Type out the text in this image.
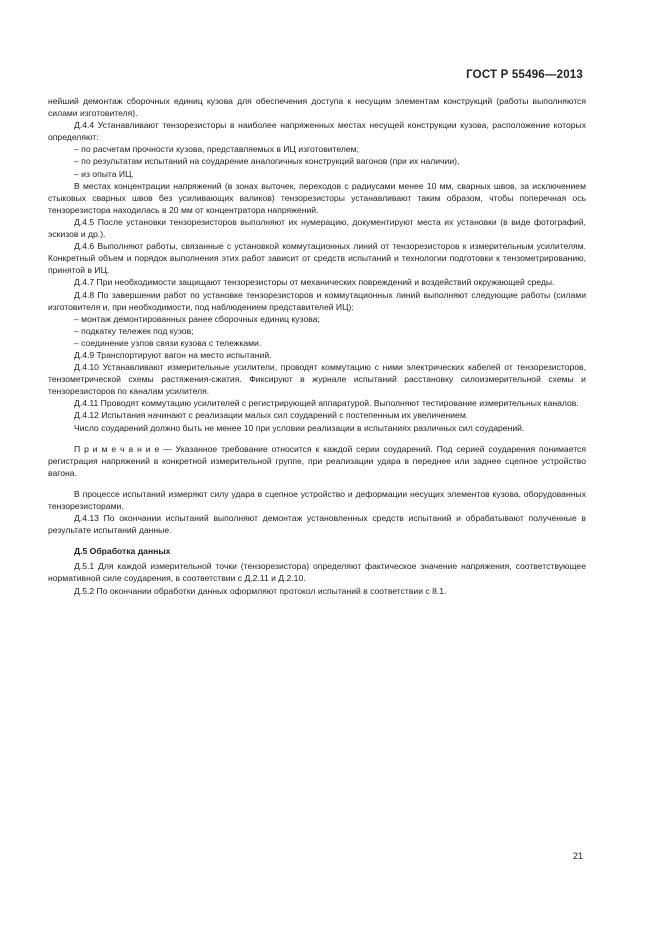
ГОСТ Р 55496—2013

нейший демонтаж сборочных единиц кузова для обеспечения доступа к несущим элементам конструкций (работы выполняются силами изготовителя).

Д.4.4 Устанавливают тензорезисторы в наиболее напряженных местах несущей конструкции кузова, расположение которых определяют:

– по расчетам прочности кузова, представляемых в ИЦ изготовителем;

– по результатам испытаний на соударение аналогичных конструкций вагонов (при их наличии),

– из опыта ИЦ.

В местах концентрации напряжений (в зонах выточек, переходов с радиусами менее 10 мм, сварных швов, за исключением стыковых сварных швов без усиливающих валиков) тензорезисторы устанавливают таким образом, чтобы поперечная ось тензорезистора находилась в 20 мм от концентратора напряжений.

Д.4.5 После установки тензорезисторов выполняют их нумерацию, документируют места их установки (в виде фотографий, эскизов и др.).

Д.4.6 Выполняют работы, связанные с установкой коммутационных линий от тензорезисторов к измерительным усилителям. Конкретный объем и порядок выполнения этих работ зависит от средств испытаний и технологии подготовки к тензометрированию, принятой в ИЦ.

Д.4.7 При необходимости защищают тензорезисторы от механических повреждений и воздействий окружающей среды.

Д.4.8 По завершении работ по установке тензорезисторов и коммутационных линий выполняют следующие работы (силами изготовителя и, при необходимости, под наблюдением представителей ИЦ):

– монтаж демонтированных ранее сборочных единиц кузова;

– подкатку тележек под кузов;

– соединение узлов связи кузова с тележками.

Д.4.9 Транспортируют вагон на место испытаний.

Д.4.10 Устанавливают измерительные усилители, проводят коммутацию с ними электрических кабелей от тензорезисторов, тензометрической схемы растяжения-сжатия. Фиксируют в журнале испытаний расстановку силоизмерительной схемы и тензорезисторов по каналам усилителя.

Д.4.11 Проводят коммутацию усилителей с регистрирующей аппаратурой. Выполняют тестирование измерительных каналов.

Д.4.12 Испытания начинают с реализации малых сил соударений с постепенным их увеличением.

Число соударений должно быть не менее 10 при условии реализации в испытаниях различных сил соударений.

П р и м е ч а н и е — Указанное требование относится к каждой серии соударений. Под серией соударения понимается регистрация напряжений в конкретной измерительной группе, при реализации удара в переднее или заднее сцепное устройство вагона.

В процессе испытаний измеряют силу удара в сцепное устройство и деформации несущих элементов кузова, оборудованных тензорезисторами.

Д.4.13 По окончании испытаний выполняют демонтаж установленных средств испытаний и обрабатывают полученные в результате испытаний данные.

Д.5 Обработка данных

Д.5.1 Для каждой измерительной точки (тензорезистора) определяют фактическое значение напряжения, соответствующее нормативной силе соударения, в соответствии с Д.2.11 и Д.2.10.

Д.5.2 По окончании обработки данных оформляют протокол испытаний в соответствии с 8.1.

21
